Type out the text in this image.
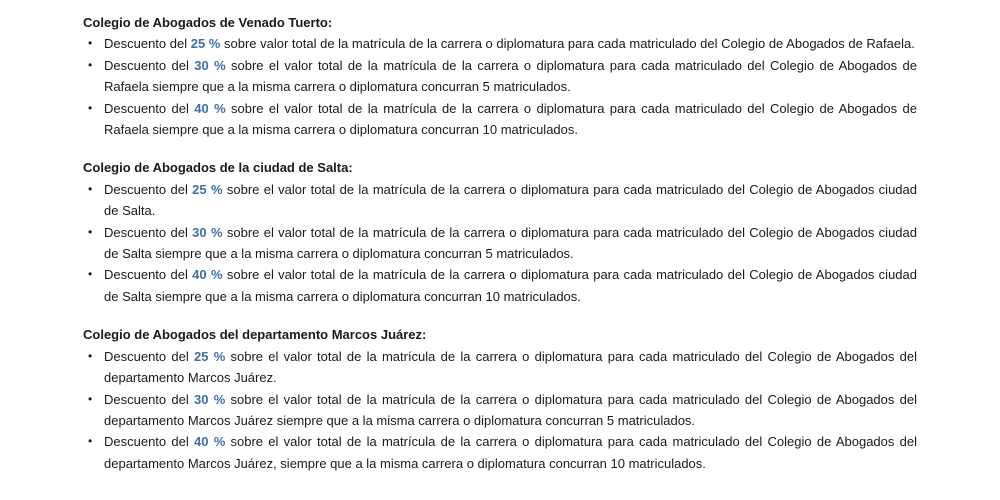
Colegio de Abogados de Venado Tuerto:

• Descuento del 25 % sobre valor total de la matrícula de la carrera o diplomatura para cada matriculado del Colegio de Abogados de Rafaela.
• Descuento del 30 % sobre el valor total de la matrícula de la carrera o diplomatura para cada matriculado del Colegio de Abogados de Rafaela siempre que a la misma carrera o diplomatura concurran 5 matriculados.
• Descuento del 40 % sobre el valor total de la matrícula de la carrera o diplomatura para cada matriculado del Colegio de Abogados de Rafaela siempre que a la misma carrera o diplomatura concurran 10 matriculados.

Colegio de Abogados de la ciudad de Salta:

• Descuento del 25 % sobre el valor total de la matrícula de la carrera o diplomatura para cada matriculado del Colegio de Abogados ciudad de Salta.
• Descuento del 30 % sobre el valor total de la matrícula de la carrera o diplomatura para cada matriculado del Colegio de Abogados ciudad de Salta siempre que a la misma carrera o diplomatura concurran 5 matriculados.
• Descuento del 40 % sobre el valor total de la matrícula de la carrera o diplomatura para cada matriculado del Colegio de Abogados ciudad de Salta siempre que a la misma carrera o diplomatura concurran 10 matriculados.

Colegio de Abogados del departamento Marcos Juárez:

• Descuento del 25 % sobre el valor total de la matrícula de la carrera o diplomatura para cada matriculado del Colegio de Abogados del departamento Marcos Juárez.
• Descuento del 30 % sobre el valor total de la matrícula de la carrera o diplomatura para cada matriculado del Colegio de Abogados del departamento Marcos Juárez siempre que a la misma carrera o diplomatura concurran 5 matriculados.
• Descuento del 40 % sobre el valor total de la matrícula de la carrera o diplomatura para cada matriculado del Colegio de Abogados del departamento Marcos Juárez, siempre que a la misma carrera o diplomatura concurran 10 matriculados.
